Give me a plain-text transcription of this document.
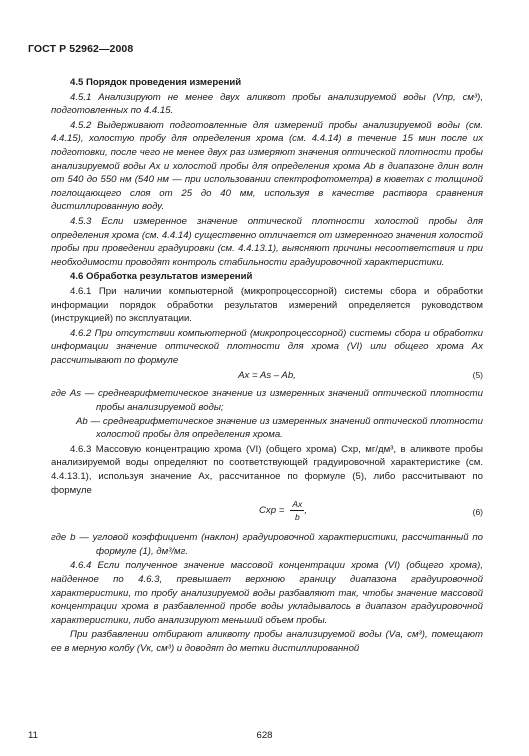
ГОСТ Р 52962—2008

4.5 Порядок проведения измерений

4.5.1 Анализируют не менее двух аликвот пробы анализируемой воды (Vпр, см³), подготовленных по 4.4.15.

4.5.2 Выдерживают подготовленные для измерений пробы анализируемой воды (см. 4.4.15), холостую пробу для определения хрома (см. 4.4.14) в течение 15 мин после их подготовки, после чего не менее двух раз измеряют значения оптической плотности пробы анализируемой воды Ах и холостой пробы для определения хрома Аb в диапазоне длин волн от 540 до 550 нм (540 нм — при использовании спектрофотометра) в кюветах с толщиной поглощающего слоя от 25 до 40 мм, используя в качестве раствора сравнения дистиллированную воду.

4.5.3 Если измеренное значение оптической плотности холостой пробы для определения хрома (см. 4.4.14) существенно отличается от измеренного значения холостой пробы при проведении градуировки (см. 4.4.13.1), выясняют причины несоответствия и при необходимости проводят контроль стабильности градуировочной характеристики.

4.6 Обработка результатов измерений

4.6.1 При наличии компьютерной (микропроцессорной) системы сбора и обработки информации порядок обработки результатов измерений определяется руководством (инструкцией) по эксплуатации.

4.6.2 При отсутствии компьютерной (микропроцессорной) системы сбора и обработки информации значение оптической плотности для хрома (VI) или общего хрома Ах рассчитывают по формуле

Ax = As – Ab,	(5)

где As — среднеарифметическое значение из измеренных значений оптической плотности пробы анализируемой воды;

Ab — среднеарифметическое значение из измеренных значений оптической плотности холостой пробы для определения хрома.

4.6.3 Массовую концентрацию хрома (VI) (общего хрома) Схр, мг/дм³, в аликвоте пробы анализируемой воды определяют по соответствующей градуировочной характеристике (см. 4.4.13.1), используя значение Ах, рассчитанное по формуле (5), либо рассчитывают по формуле

Cхр =
Ax
b
,	(6)

где b — угловой коэффициент (наклон) градуировочной характеристики, рассчитанный по формуле (1), дм³/мг.

4.6.4 Если полученное значение массовой концентрации хрома (VI) (общего хрома), найденное по 4.6.3, превышает верхнюю границу диапазона градуировочной характеристики, то пробу анализируемой воды разбавляют так, чтобы значение массовой концентрации хрома в разбавленной пробе воды укладывалось в диапазон градуировочной характеристики, либо анализируют меньший объем пробы.

При разбавлении отбирают аликвоту пробы анализируемой воды (Vа, см³), помещают ее в мерную колбу (Vк, см³) и доводят до метки дистиллированной

11	628
